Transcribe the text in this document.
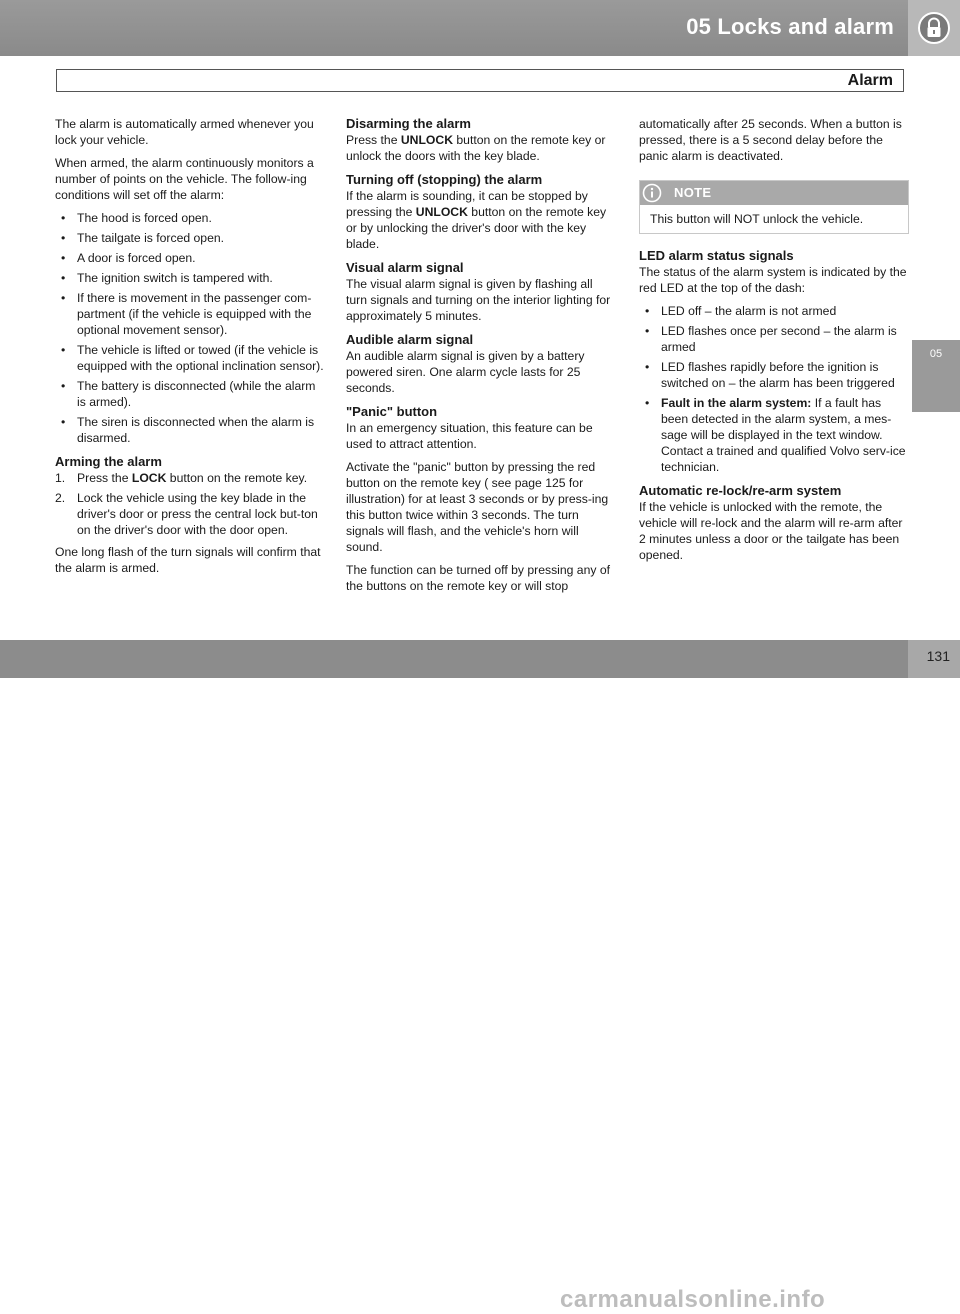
05 Locks and alarm
Alarm
05

The alarm is automatically armed whenever you lock your vehicle.

When armed, the alarm continuously monitors a number of points on the vehicle. The follow-ing conditions will set off the alarm:

• The hood is forced open.
• The tailgate is forced open.
• A door is forced open.
• The ignition switch is tampered with.
• If there is movement in the passenger com-partment (if the vehicle is equipped with the optional movement sensor).
• The vehicle is lifted or towed (if the vehicle is equipped with the optional inclination sensor).
• The battery is disconnected (while the alarm is armed).
• The siren is disconnected when the alarm is disarmed.
Arming the alarm
1. Press the LOCK button on the remote key.
2. Lock the vehicle using the key blade in the driver's door or press the central lock but-ton on the driver's door with the door open.

One long flash of the turn signals will confirm that the alarm is armed.

Disarming the alarm

Press the UNLOCK button on the remote key or unlock the doors with the key blade.

Turning off (stopping) the alarm

If the alarm is sounding, it can be stopped by pressing the UNLOCK button on the remote key or by unlocking the driver's door with the key blade.

Visual alarm signal

The visual alarm signal is given by flashing all turn signals and turning on the interior lighting for approximately 5 minutes.

Audible alarm signal

An audible alarm signal is given by a battery powered siren. One alarm cycle lasts for 25 seconds.

"Panic" button

In an emergency situation, this feature can be used to attract attention.

Activate the "panic" button by pressing the red button on the remote key ( see page 125 for illustration) for at least 3 seconds or by press-ing this button twice within 3 seconds. The turn signals will flash, and the vehicle's horn will sound.

The function can be turned off by pressing any of the buttons on the remote key or will stop

automatically after 25 seconds. When a button is pressed, there is a 5 second delay before the panic alarm is deactivated.

NOTE
This button will NOT unlock the vehicle.
LED alarm status signals

The status of the alarm system is indicated by the red LED at the top of the dash:

• LED off – the alarm is not armed
• LED flashes once per second – the alarm is armed
• LED flashes rapidly before the ignition is switched on – the alarm has been triggered
• Fault in the alarm system: If a fault has been detected in the alarm system, a mes-sage will be displayed in the text window. Contact a trained and qualified Volvo serv-ice technician.
Automatic re-lock/re-arm system

If the vehicle is unlocked with the remote, the vehicle will re-lock and the alarm will re-arm after 2 minutes unless a door or the tailgate has been opened.

carmanualsonline.info
131
